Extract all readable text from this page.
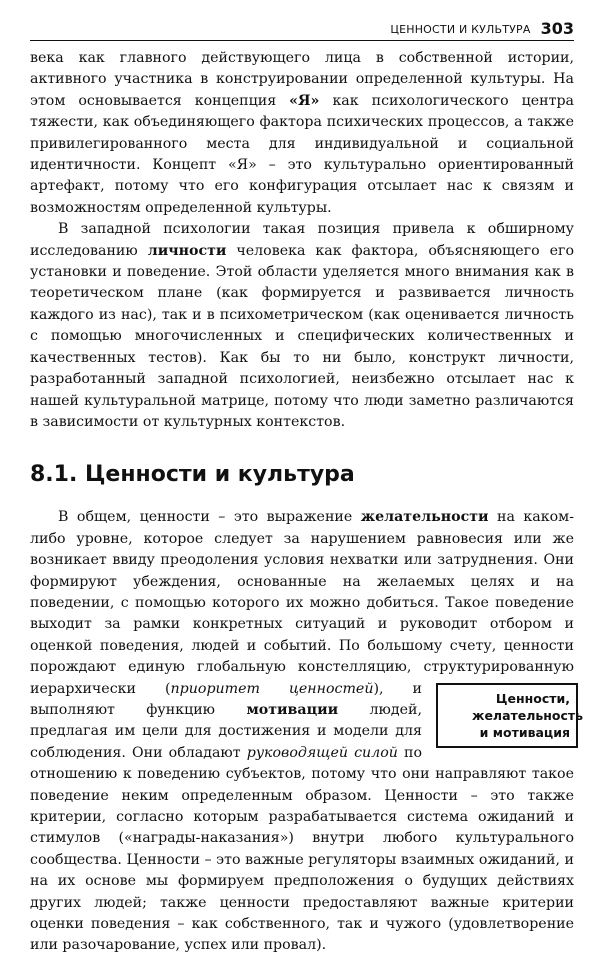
ЦЕННОСТИ И КУЛЬТУРА 303

века как главного действующего лица в собственной истории, активного участника в конструировании определенной культуры. На этом основывается концепция «Я» как психологического центра тяжести, как объединяющего фактора психических процессов, а также привилегированного места для индивидуальной и социальной идентичности. Концепт «Я» – это культурально ориентированный артефакт, потому что его конфигурация отсылает нас к связям и возможностям определенной культуры.

В западной психологии такая позиция привела к обширному исследованию личности человека как фактора, объясняющего его установки и поведение. Этой области уделяется много внимания как в теоретическом плане (как формируется и развивается личность каждого из нас), так и в психометрическом (как оценивается личность с помощью многочисленных и специфических количественных и качественных тестов). Как бы то ни было, конструкт личности, разработанный западной психологией, неизбежно отсылает нас к нашей культуральной матрице, потому что люди заметно различаются в зависимости от культурных контекстов.

8.1. Ценности и культура

В общем, ценности – это выражение желательности на каком-либо уровне, которое следует за нарушением равновесия или же возникает ввиду преодоления условия нехватки или затруднения. Они формируют убеждения, основанные на желаемых целях и на поведении, с помощью которого их можно добиться. Такое поведение выходит за рамки конкретных ситуаций и руководит отбором и оценкой поведения, людей и событий. По большому счету, ценности порождают единую глобальную констелляцию, структурированную иерархически (
Ценности,
желательность
и мотивация
приоритет ценностей), и выполняют функцию мотивации людей, предлагая им цели для достижения и модели для соблюдения. Они обладают руководящей силой по отношению к поведению субъектов, потому что они направляют такое поведение неким определенным образом. Ценности – это также критерии, согласно которым разрабатывается система ожиданий и стимулов («награды-наказания») внутри любого культурального сообщества. Ценности – это важные регуляторы взаимных ожиданий, и на их основе мы формируем предположения о будущих действиях других людей; также ценности предоставляют важные критерии оценки поведения – как собственного, так и чужого (удовлетворение или разочарование, успех или провал).
